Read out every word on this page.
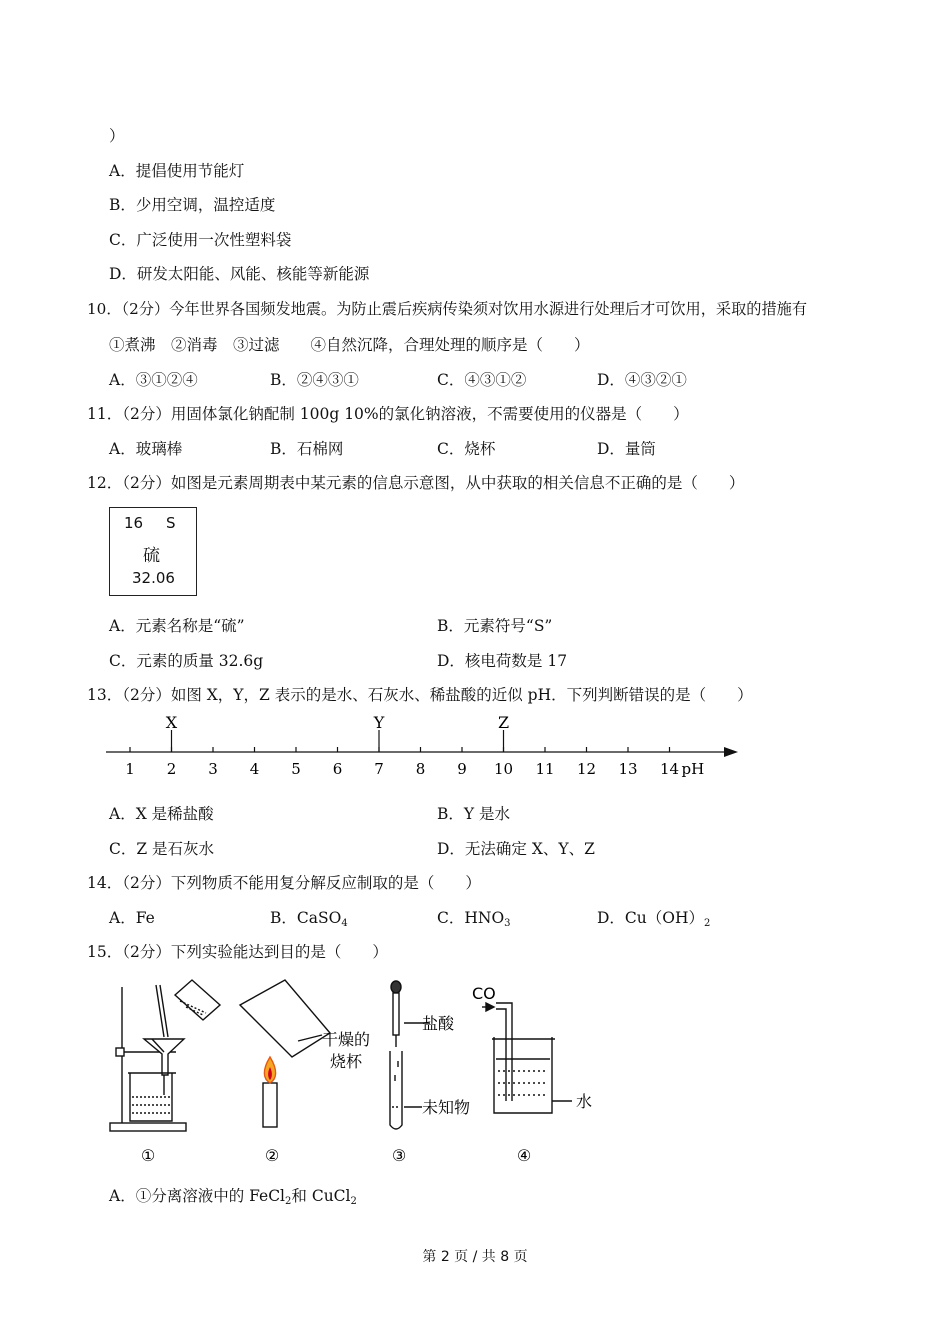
）
A．提倡使用节能灯
B．少用空调，温控适度
C．广泛使用一次性塑料袋
D．研发太阳能、风能、核能等新能源
10．（2分）今年世界各国频发地震。为防止震后疾病传染须对饮用水源进行处理后才可饮用，采取的措施有
①煮沸　②消毒　③过滤　　④自然沉降，合理处理的顺序是（　　）
A．③①②④	B．②④③①	C．④③①②	D．④③②①
11．（2分）用固体氯化钠配制 100g 10%的氯化钠溶液，不需要使用的仪器是（　　）
A．玻璃棒	B．石棉网	C．烧杯	D．量筒
12．（2分）如图是元素周期表中某元素的信息示意图，从中获取的相关信息不正确的是（　　）
16 S
硫
32.06
A．元素名称是“硫”	B．元素符号“S”
C．元素的质量 32.6g	D．核电荷数是 17
13．（2分）如图 X，Y，Z 表示的是水、石灰水、稀盐酸的近似 pH．下列判断错误的是（　　）
1 2 3 4 5 6 7 8 9 10 11 12 13 14 pH
X	Y	Z
A．X 是稀盐酸	B．Y 是水
C．Z 是石灰水	D．无法确定 X、Y、Z
14．（2分）下列物质不能用复分解反应制取的是（　　）
A．Fe	B．CaSO$_4$	C．$HNO_3$	D．$Cu(OH)_2$
15．（2分）下列实验能达到目的是（　　）
①
干燥的
烧杯
②
盐酸
未知物
③
CO
水
④
A．①分离溶液中的 FeCl$_2$和 CuCl$_2$
第 2 页 / 共 8 页
